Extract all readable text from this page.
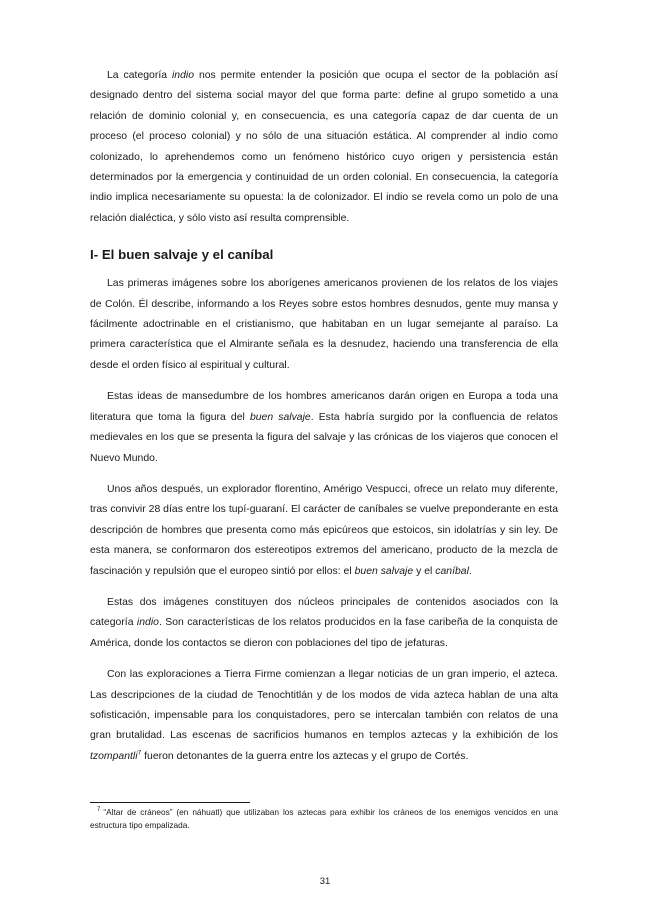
La categoría indio nos permite entender la posición que ocupa el sector de la población así designado dentro del sistema social mayor del que forma parte: define al grupo sometido a una relación de dominio colonial y, en consecuencia, es una categoría capaz de dar cuenta de un proceso (el proceso colonial) y no sólo de una situación estática. Al comprender al indio como colonizado, lo aprehendemos como un fenómeno histórico cuyo origen y persistencia están determinados por la emergencia y continuidad de un orden colonial. En consecuencia, la categoría indio implica necesariamente su opuesta: la de colonizador. El indio se revela como un polo de una relación dialéctica, y sólo visto así resulta comprensible.

I- El buen salvaje y el caníbal

Las primeras imágenes sobre los aborígenes americanos provienen de los relatos de los viajes de Colón. Él describe, informando a los Reyes sobre estos hombres desnudos, gente muy mansa y fácilmente adoctrinable en el cristianismo, que habitaban en un lugar semejante al paraíso. La primera característica que el Almirante señala es la desnudez, haciendo una transferencia de ella desde el orden físico al espiritual y cultural.

Estas ideas de mansedumbre de los hombres americanos darán origen en Europa a toda una literatura que toma la figura del buen salvaje. Esta habría surgido por la confluencia de relatos medievales en los que se presenta la figura del salvaje y las crónicas de los viajeros que conocen el Nuevo Mundo.

Unos años después, un explorador florentino, Amérigo Vespucci, ofrece un relato muy diferente, tras convivir 28 días entre los tupí-guaraní. El carácter de caníbales se vuelve preponderante en esta descripción de hombres que presenta como más epicúreos que estoicos, sin idolatrías y sin ley. De esta manera, se conformaron dos estereotipos extremos del americano, producto de la mezcla de fascinación y repulsión que el europeo sintió por ellos: el buen salvaje y el caníbal.

Estas dos imágenes constituyen dos núcleos principales de contenidos asociados con la categoría indio. Son características de los relatos producidos en la fase caribeña de la conquista de América, donde los contactos se dieron con poblaciones del tipo de jefaturas.

Con las exploraciones a Tierra Firme comienzan a llegar noticias de un gran imperio, el azteca. Las descripciones de la ciudad de Tenochtitlán y de los modos de vida azteca hablan de una alta sofisticación, impensable para los conquistadores, pero se intercalan también con relatos de una gran brutalidad. Las escenas de sacrificios humanos en templos aztecas y la exhibición de los tzompantli$^7$ fueron detonantes de la guerra entre los aztecas y el grupo de Cortés.

$^7$ “Altar de cráneos” (en náhuatl) que utilizaban los aztecas para exhibir los cráneos de los enemigos vencidos en una estructura tipo empalizada.
31
